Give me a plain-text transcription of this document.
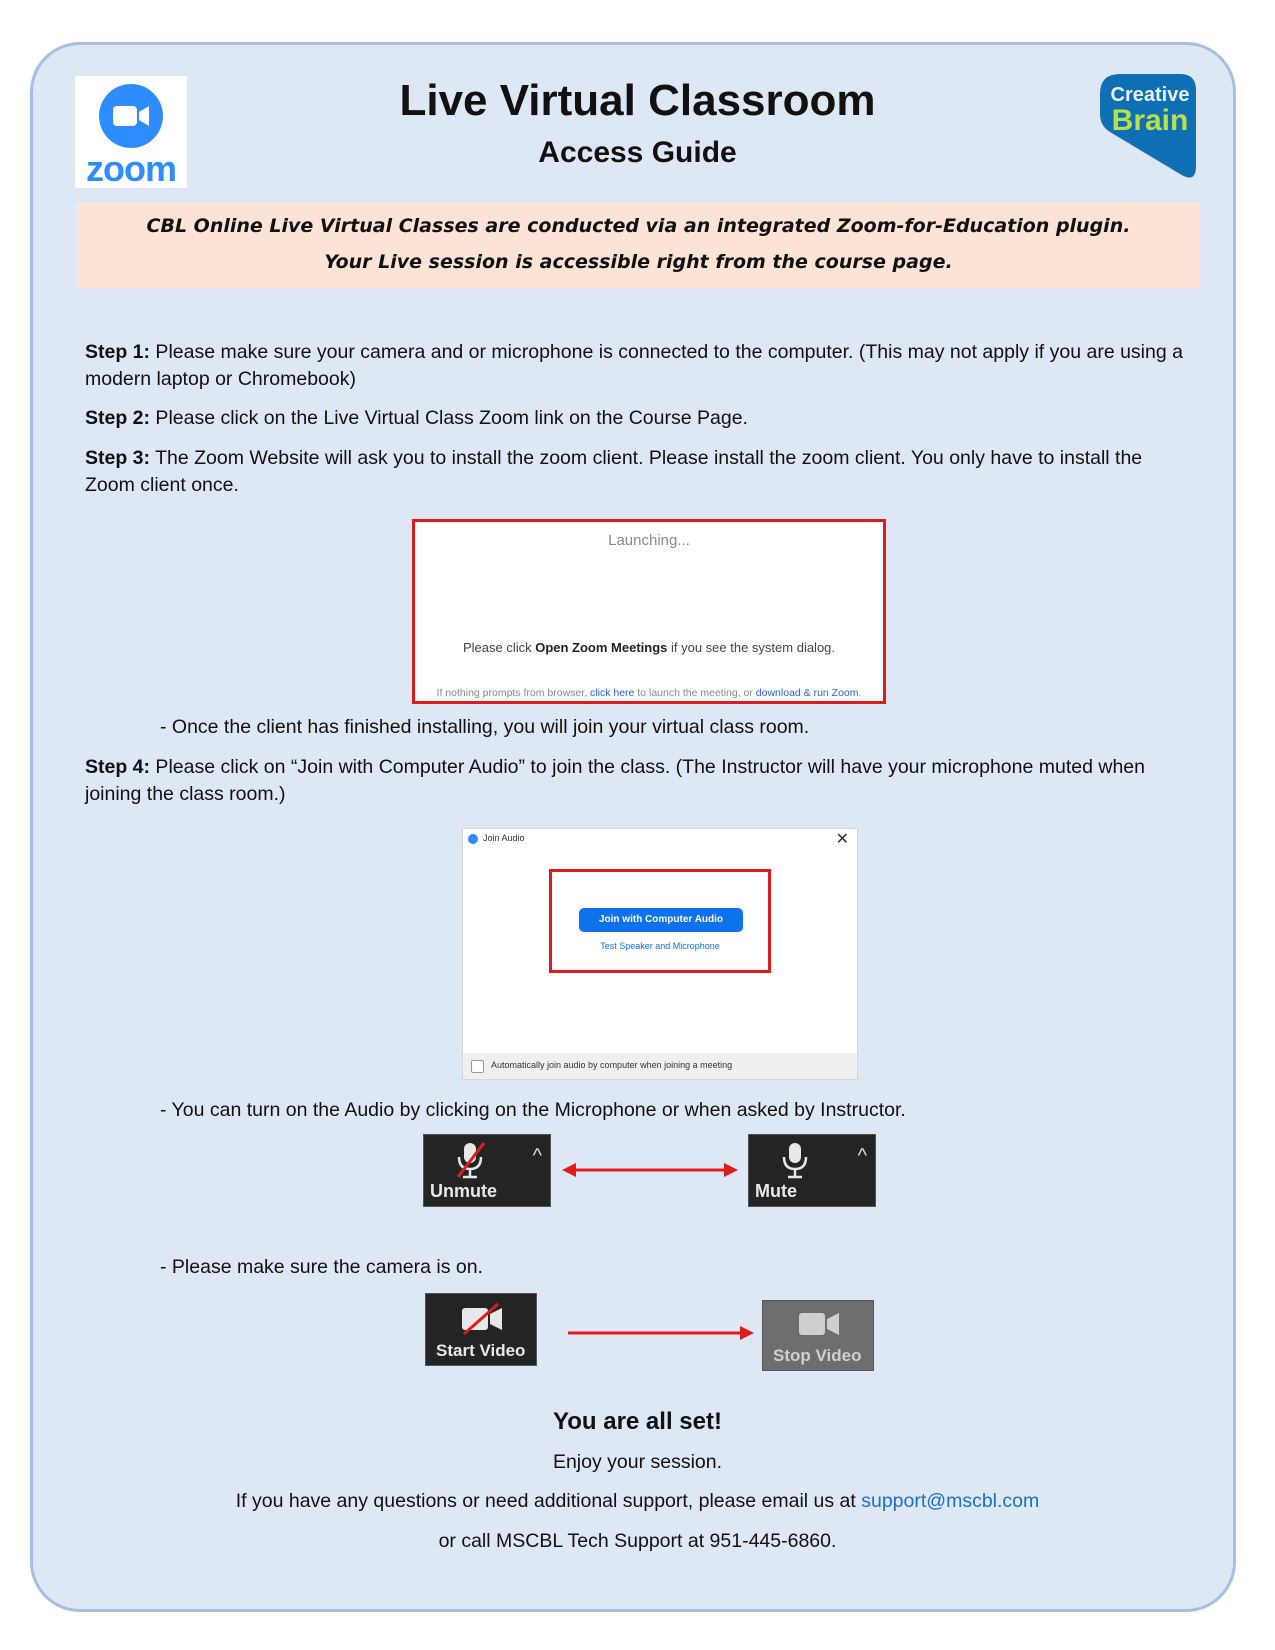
zoom
Creative
Brain
Live Virtual Classroom
Access Guide

CBL Online Live Virtual Classes are conducted via an integrated Zoom-for-Education plugin.

Your Live session is accessible right from the course page.

Step 1: Please make sure your camera and or microphone is connected to the computer. (This may not apply if you are using a modern laptop or Chromebook)
Step 2: Please click on the Live Virtual Class Zoom link on the Course Page.
Step 3: The Zoom Website will ask you to install the zoom client. Please install the zoom client. You only have to install the Zoom client once.
Launching...
Please click Open Zoom Meetings if you see the system dialog.
If nothing prompts from browser, click here to launch the meeting, or download & run Zoom.
- Once the client has finished installing, you will join your virtual class room.
Step 4: Please click on “Join with Computer Audio” to join the class. (The Instructor will have your microphone muted when joining the class room.)
Join Audio	✕
Join with Computer Audio
Test Speaker and Microphone
Automatically join audio by computer when joining a meeting
- You can turn on the Audio by clicking on the Microphone or when asked by Instructor.
^
Unmute
^
Mute
- Please make sure the camera is on.
Start Video	Stop Video
You are all set!
Enjoy your session.
If you have any questions or need additional support, please email us at support@mscbl.com
or call MSCBL Tech Support at 951-445-6860.
